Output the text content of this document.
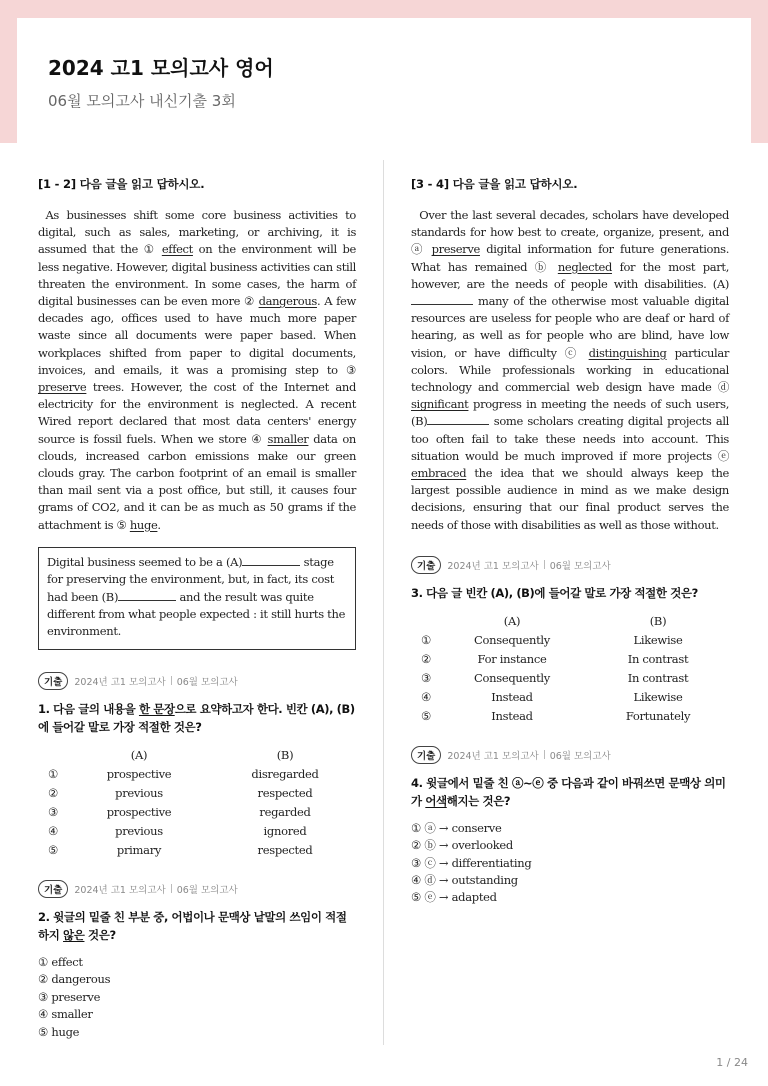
2024 고1 모의고사 영어
06월 모의고사 내신기출 3회
[1 - 2] 다음 글을 읽고 답하시오.
As businesses shift some core business activities to digital, such as sales, marketing, or archiving, it is assumed that the ① effect on the environment will be less negative. However, digital business activities can still threaten the environment. In some cases, the harm of digital businesses can be even more ② dangerous. A few decades ago, offices used to have much more paper waste since all documents were paper based. When workplaces shifted from paper to digital documents, invoices, and emails, it was a promising step to ③ preserve trees. However, the cost of the Internet and electricity for the environment is neglected. A recent Wired report declared that most data centers' energy source is fossil fuels. When we store ④ smaller data on clouds, increased carbon emissions make our green clouds gray. The carbon footprint of an email is smaller than mail sent via a post office, but still, it causes four grams of CO2, and it can be as much as 50 grams if the attachment is ⑤ huge.
Digital business seemed to be a (A)	stage for preserving the environment, but, in fact, its cost had been (B)	and the result was quite different from what people expected : it still hurts the environment.
기출	2024년 고1 모의고사 06월 모의고사
1. 다음 글의 내용을 한 문장으로 요약하고자 한다. 빈칸 (A), (B)에 들어갈 말로 가장 적절한 것은?
(A)	(B)
①	prospective	disregarded
②	previous	respected
③	prospective	regarded
④	previous	ignored
⑤	primary	respected
기출	2024년 고1 모의고사 06월 모의고사
2. 윗글의 밑줄 친 부분 중, 어법이나 문맥상 낱말의 쓰임이 적절하지 않은 것은?
① effect
② dangerous
③ preserve
④ smaller
⑤ huge
[3 - 4] 다음 글을 읽고 답하시오.
Over the last several decades, scholars have developed standards for how best to create, organize, present, and ⓐ preserve digital information for future generations. What has remained ⓑ neglected for the most part, however, are the needs of people with disabilities. (A) many of the otherwise most valuable digital resources are useless for people who are deaf or hard of hearing, as well as for people who are blind, have low vision, or have difficulty ⓒ distinguishing particular colors. While professionals working in educational technology and commercial web design have made ⓓ significant progress in meeting the needs of such users, (B)	some scholars creating digital projects all too often fail to take these needs into account. This situation would be much improved if more projects ⓔ embraced the idea that we should always keep the largest possible audience in mind as we make design decisions, ensuring that our final product serves the needs of those with disabilities as well as those without.
기출	2024년 고1 모의고사 06월 모의고사
3. 다음 글 빈칸 (A), (B)에 들어갈 말로 가장 적절한 것은?
(A)	(B)
①	Consequently	Likewise
②	For instance	In contrast
③	Consequently	In contrast
④	Instead	Likewise
⑤	Instead	Fortunately
기출	2024년 고1 모의고사 06월 모의고사
4. 윗글에서 밑줄 친 ⓐ~ⓔ 중 다음과 같이 바꿔쓰면 문맥상 의미가 어색해지는 것은?
① ⓐ → conserve
② ⓑ → overlooked
③ ⓒ → differentiating
④ ⓓ → outstanding
⑤ ⓔ → adapted
1 / 24
